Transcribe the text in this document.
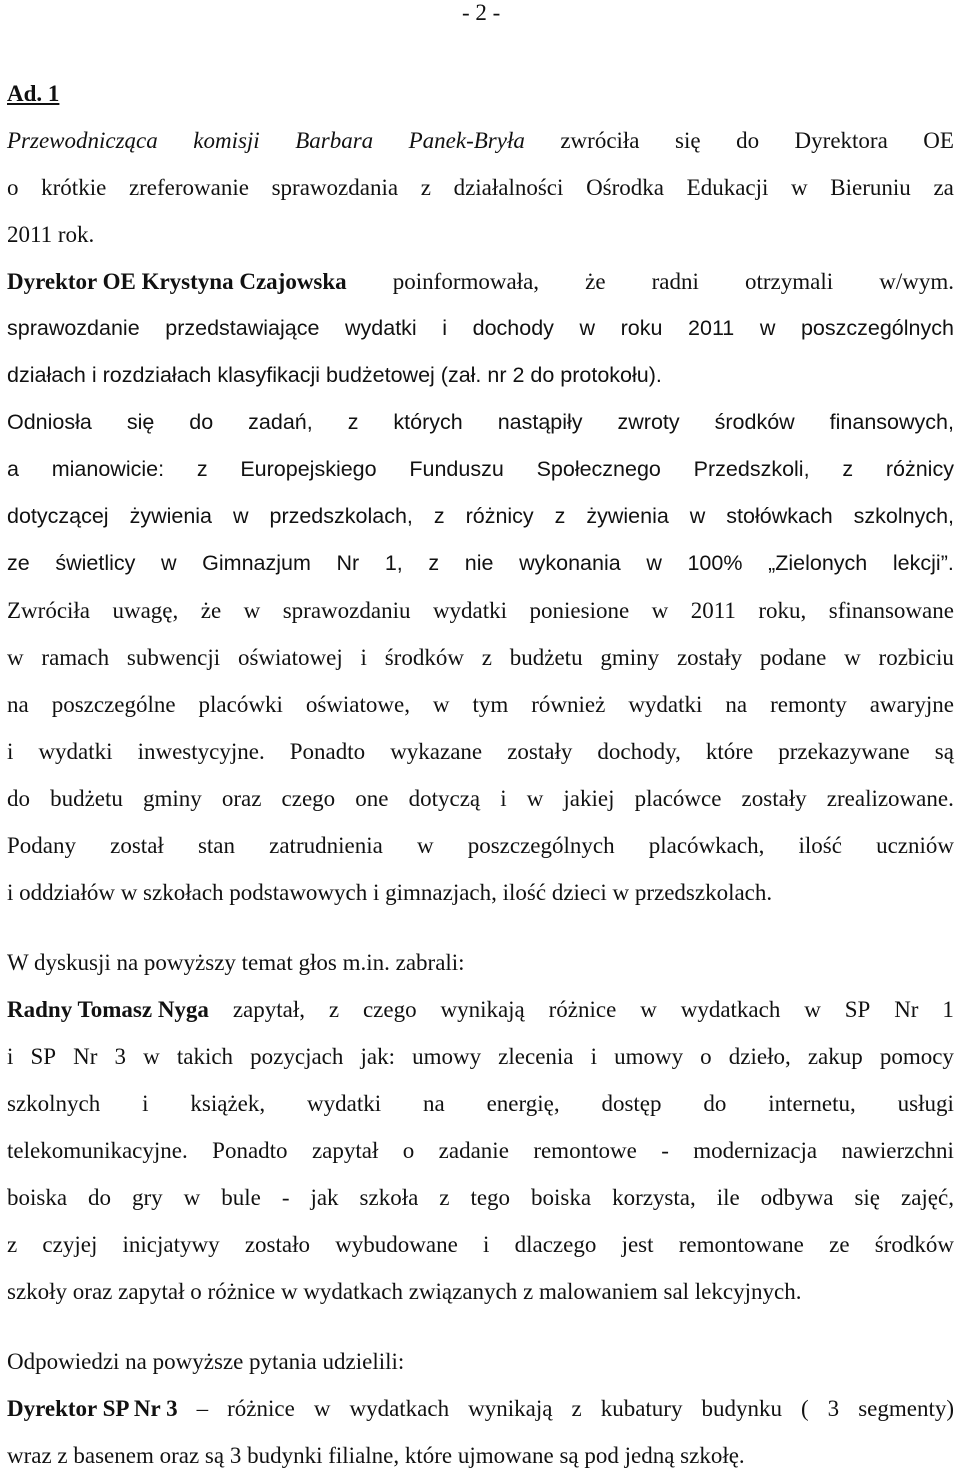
- 2 -
Ad. 1
Przewodnicząca komisji Barbara Panek-Bryła zwróciła się do Dyrektora OE
o krótkie zreferowanie sprawozdania z działalności Ośrodka Edukacji w Bieruniu za
2011 rok.
Dyrektor OE Krystyna Czajowska poinformowała, że radni otrzymali w/wym.
sprawozdanie przedstawiające wydatki i dochody w roku 2011 w poszczególnych
działach i rozdziałach klasyfikacji budżetowej (zał. nr 2 do protokołu).
Odniosła się do zadań, z których nastąpiły zwroty środków finansowych,
a mianowicie: z Europejskiego Funduszu Społecznego Przedszkoli, z różnicy
dotyczącej żywienia w przedszkolach, z różnicy z żywienia w stołówkach szkolnych,
ze świetlicy w Gimnazjum Nr 1, z nie wykonania w 100% „Zielonych lekcji”.
Zwróciła uwagę, że w sprawozdaniu wydatki poniesione w 2011 roku, sfinansowane
w ramach subwencji oświatowej i środków z budżetu gminy zostały podane w rozbiciu
na poszczególne placówki oświatowe, w tym również wydatki na remonty awaryjne
i wydatki inwestycyjne. Ponadto wykazane zostały dochody, które przekazywane są
do budżetu gminy oraz czego one dotyczą i w jakiej placówce zostały zrealizowane.
Podany został stan zatrudnienia w poszczególnych placówkach, ilość uczniów
i oddziałów w szkołach podstawowych i gimnazjach, ilość dzieci w przedszkolach.
W dyskusji na powyższy temat głos m.in. zabrali:
Radny Tomasz Nyga zapytał, z czego wynikają różnice w wydatkach w SP Nr 1
i SP Nr 3 w takich pozycjach jak: umowy zlecenia i umowy o dzieło, zakup pomocy
szkolnych i książek, wydatki na energię, dostęp do internetu, usługi
telekomunikacyjne. Ponadto zapytał o zadanie remontowe - modernizacja nawierzchni
boiska do gry w bule - jak szkoła z tego boiska korzysta, ile odbywa się zajęć,
z czyjej inicjatywy zostało wybudowane i dlaczego jest remontowane ze środków
szkoły oraz zapytał o różnice w wydatkach związanych z malowaniem sal lekcyjnych.
Odpowiedzi na powyższe pytania udzielili:
Dyrektor SP Nr 3 – różnice w wydatkach wynikają z kubatury budynku ( 3 segmenty)
wraz z basenem oraz są 3 budynki filialne, które ujmowane są pod jedną szkołę.
